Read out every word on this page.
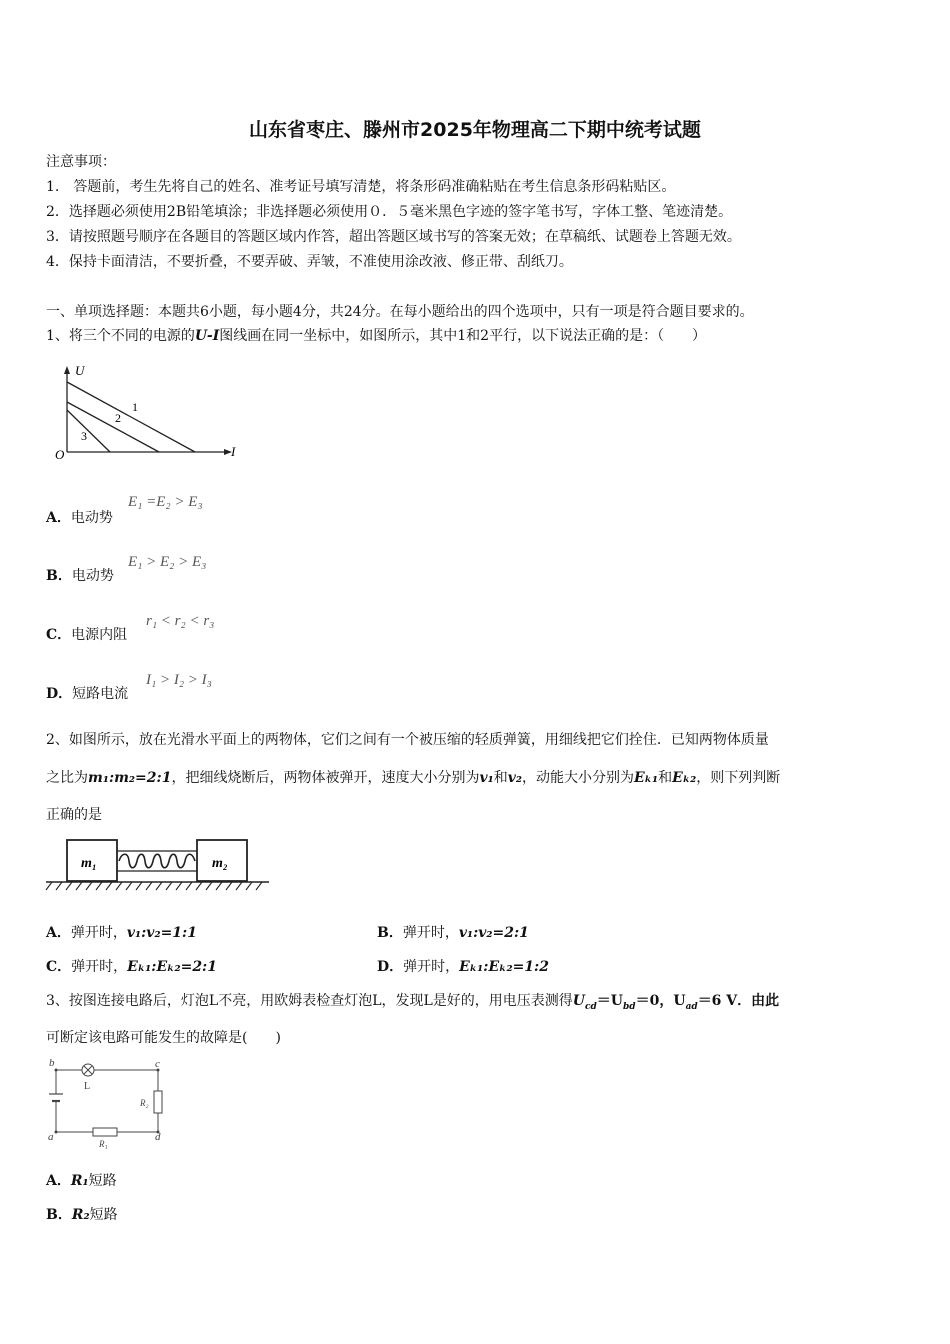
山东省枣庄、滕州市2025年物理高二下期中统考试题
注意事项：
1.　答题前，考生先将自己的姓名、准考证号填写清楚，将条形码准确粘贴在考生信息条形码粘贴区。
2．选择题必须使用2B铅笔填涂；非选择题必须使用０．５毫米黑色字迹的签字笔书写，字体工整、笔迹清楚。
3．请按照题号顺序在各题目的答题区域内作答，超出答题区域书写的答案无效；在草稿纸、试题卷上答题无效。
4．保持卡面清洁，不要折叠，不要弄破、弄皱，不准使用涂改液、修正带、刮纸刀。
一、单项选择题：本题共6小题，每小题4分，共24分。在每小题给出的四个选项中，只有一项是符合题目要求的。
1、将三个不同的电源的U-I图线画在同一坐标中，如图所示，其中1和2平行，以下说法正确的是：（　　）
U
I
O
1
2
3
A．电动势
E₁ =E₂ > E₃
B．电动势
E₁ > E₂ > E₃
C．电源内阻
r₁ < r₂ < r₃
D．短路电流
I₁ > I₂ > I₃
2、如图所示，放在光滑水平面上的两物体，它们之间有一个被压缩的轻质弹簧，用细线把它们拴住．已知两物体质量
之比为m₁:m₂=2:1，把细线烧断后，两物体被弹开，速度大小分别为v₁和v₂，动能大小分别为Eₖ₁和Eₖ₂，则下列判断
正确的是
m₁	m₂
A．弹开时，v₁:v₂=1:1	B．弹开时，v₁:v₂=2:1
C．弹开时，Eₖ₁:Eₖ₂=2:1	D．弹开时，Eₖ₁:Eₖ₂=1:2
3、按图连接电路后，灯泡L不亮，用欧姆表检查灯泡L，发现L是好的，用电压表测得$U_{cd}=U_{bd}=0$，$U_{ad}=6$ V．由此
可断定该电路可能发生的故障是(　　)
b	c
a	d
L
R₂
R₁
A．R₁短路
B．R₂短路
